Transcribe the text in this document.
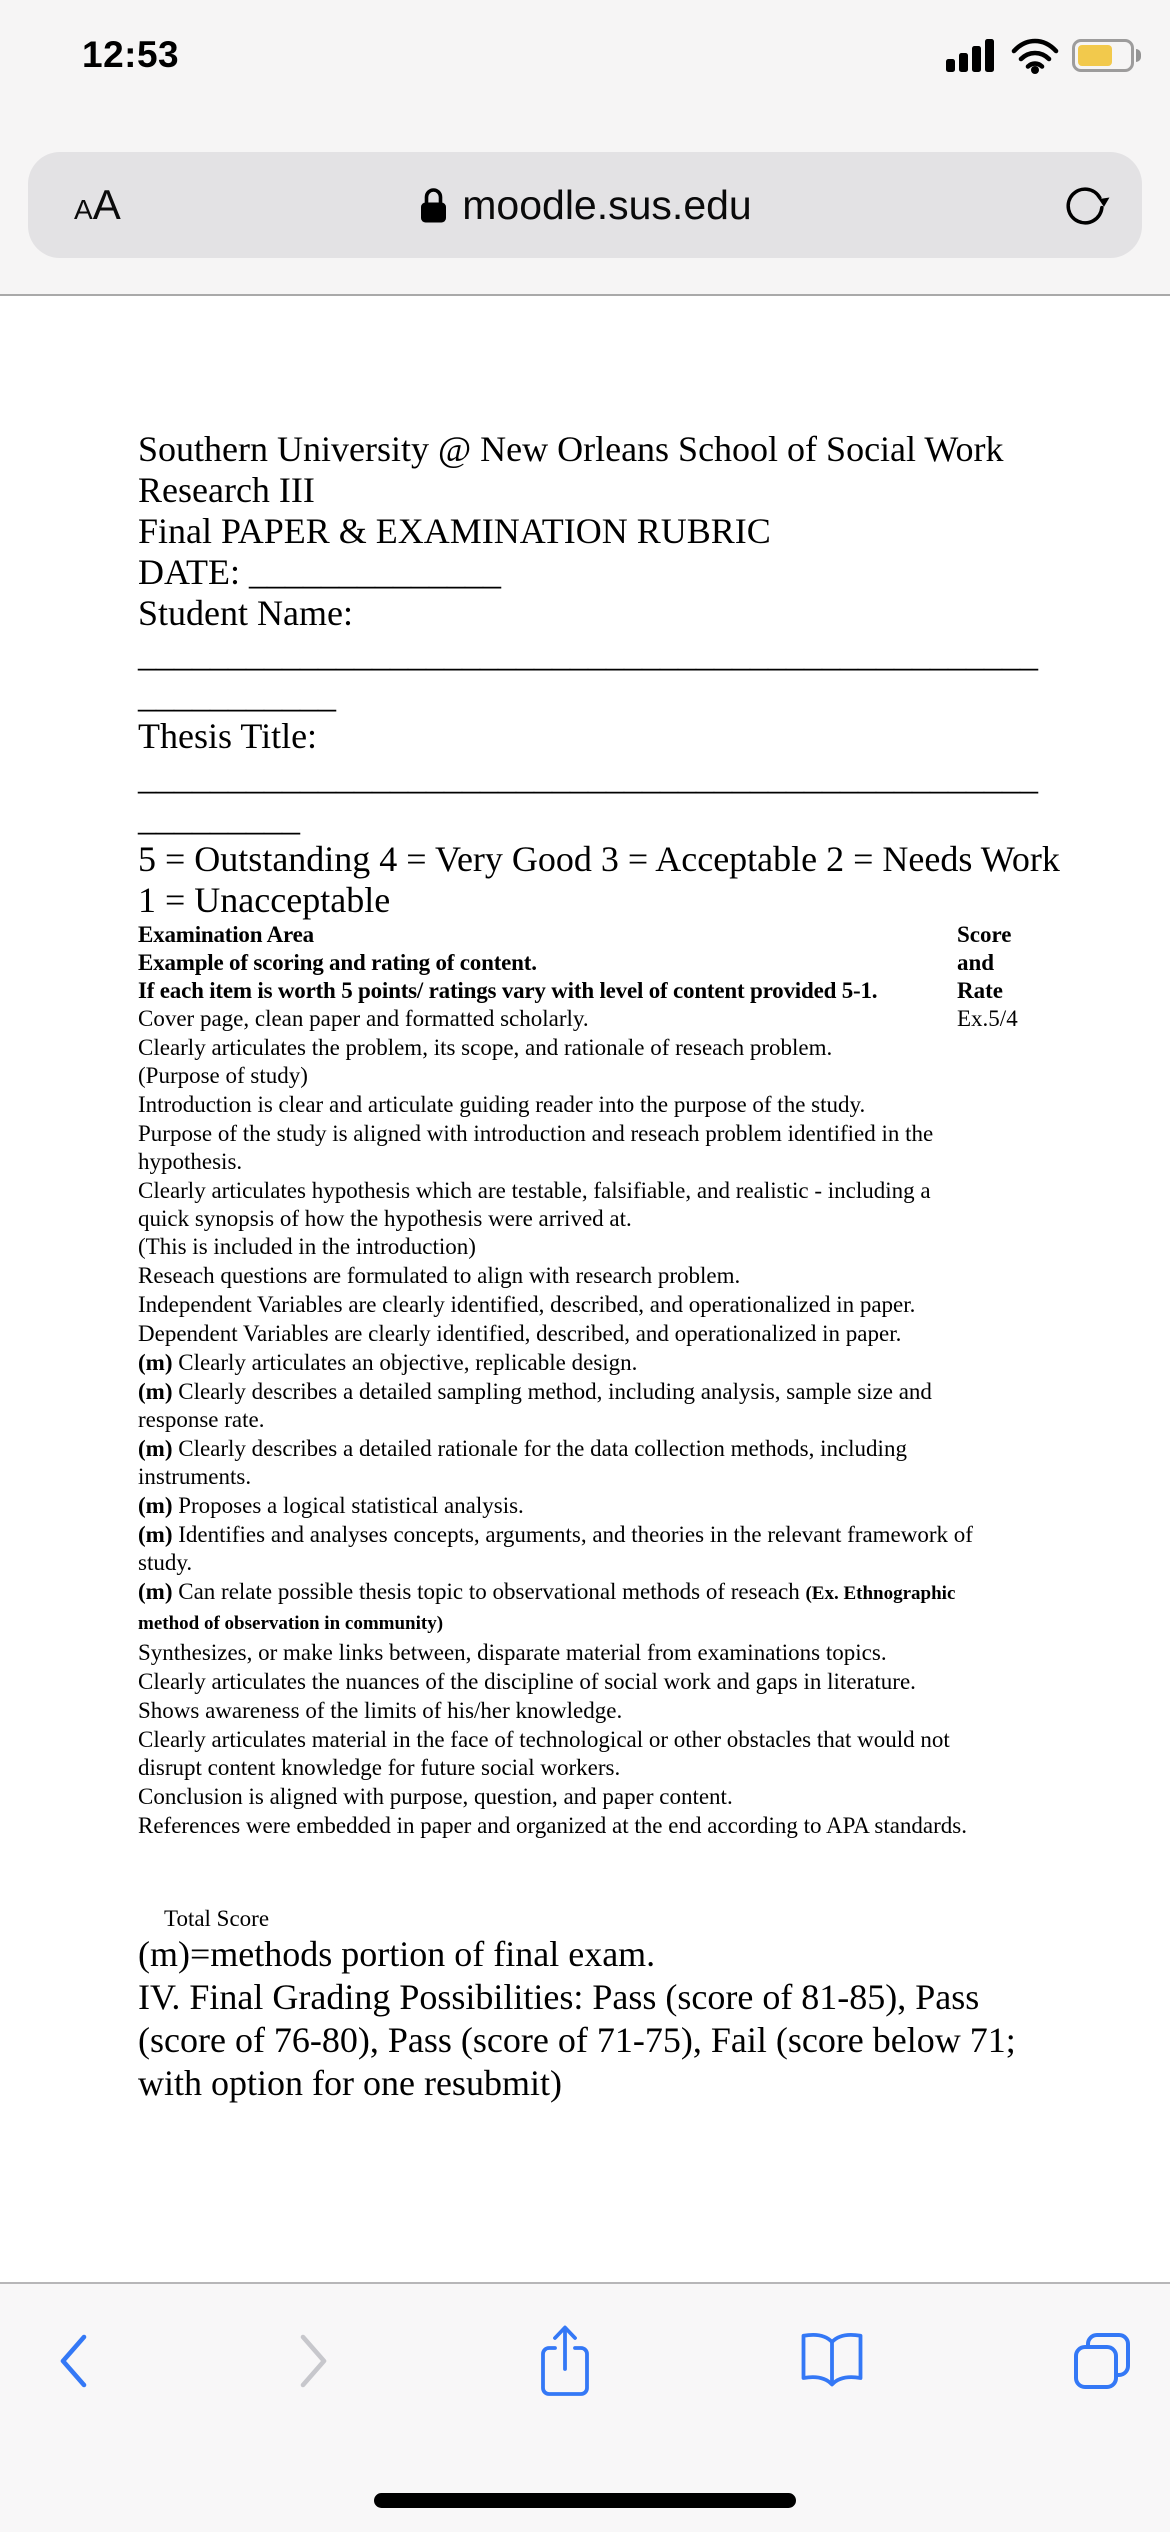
12:53
A A	moodle.sus.edu
Southern University @ New Orleans School of Social Work
Research III
Final PAPER & EXAMINATION RUBRIC
DATE: ______________
Student Name:
__________________________________________________
___________
Thesis Title:
__________________________________________________
_________
5 = Outstanding 4 = Very Good 3 = Acceptable 2 = Needs Work
1 = Unacceptable
Score
and
Rate
Ex.5/4
Examination Area
Example of scoring and rating of content.
If each item is worth 5 points/ ratings vary with level of content provided 5-1.
Cover page, clean paper and formatted scholarly.
Clearly articulates the problem, its scope, and rationale of reseach problem.
(Purpose of study)
Introduction is clear and articulate guiding reader into the purpose of the study.
Purpose of the study is aligned with introduction and reseach problem identified in the hypothesis.
Clearly articulates hypothesis which are testable, falsifiable, and realistic - including a quick synopsis of how the hypothesis were arrived at.
(This is included in the introduction)
Reseach questions are formulated to align with research problem.
Independent Variables are clearly identified, described, and operationalized in paper.
Dependent Variables are clearly identified, described, and operationalized in paper.
(m) Clearly articulates an objective, replicable design.
(m) Clearly describes a detailed sampling method, including analysis, sample size and response rate.
(m) Clearly describes a detailed rationale for the data collection methods, including instruments.
(m) Proposes a logical statistical analysis.
(m) Identifies and analyses concepts, arguments, and theories in the relevant framework of study.
(m) Can relate possible thesis topic to observational methods of reseach (Ex. Ethnographic method of observation in community)
Synthesizes, or make links between, disparate material from examinations topics.
Clearly articulates the nuances of the discipline of social work and gaps in literature.
Shows awareness of the limits of his/her knowledge.
Clearly articulates material in the face of technological or other obstacles that would not disrupt content knowledge for future social workers.
Conclusion is aligned with purpose, question, and paper content.
References were embedded in paper and organized at the end according to APA standards.
Total Score
(m)=methods portion of final exam.
IV. Final Grading Possibilities: Pass (score of 81-85), Pass (score of 76-80), Pass (score of 71-75), Fail (score below 71; with option for one resubmit)
